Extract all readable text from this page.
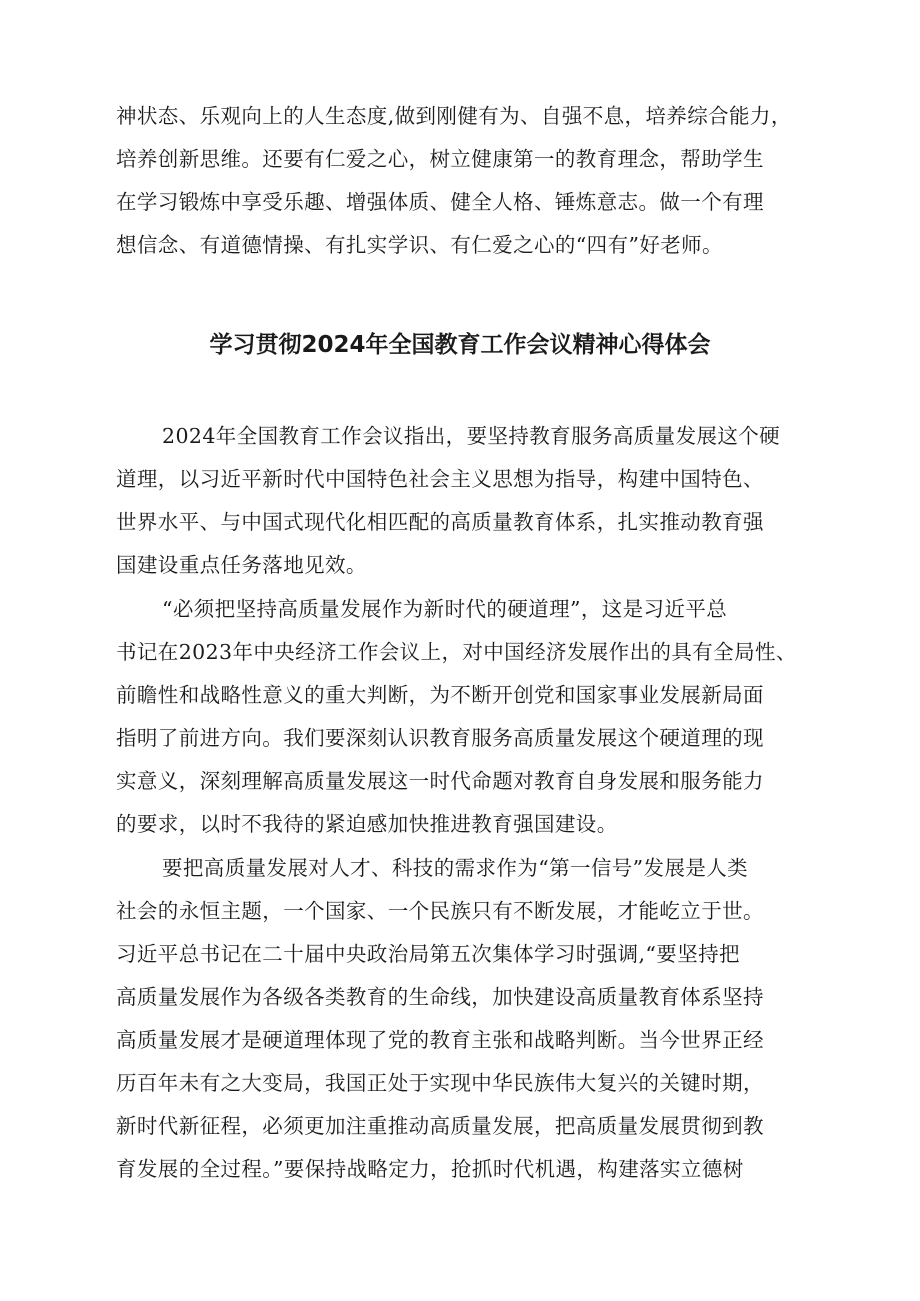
神状态、乐观向上的人生态度,做到刚健有为、自强不息，培养综合能力，
培养创新思维。还要有仁爱之心，树立健康第一的教育理念，帮助学生
在学习锻炼中享受乐趣、增强体质、健全人格、锤炼意志。做一个有理
想信念、有道德情操、有扎实学识、有仁爱之心的“四有”好老师。
学习贯彻2024年全国教育工作会议精神心得体会
2024年全国教育工作会议指出，要坚持教育服务高质量发展这个硬
道理，以习近平新时代中国特色社会主义思想为指导，构建中国特色、
世界水平、与中国式现代化相匹配的高质量教育体系，扎实推动教育强
国建设重点任务落地见效。
“必须把坚持高质量发展作为新时代的硬道理”，这是习近平总
书记在2023年中央经济工作会议上，对中国经济发展作出的具有全局性、
前瞻性和战略性意义的重大判断，为不断开创党和国家事业发展新局面
指明了前进方向。我们要深刻认识教育服务高质量发展这个硬道理的现
实意义，深刻理解高质量发展这一时代命题对教育自身发展和服务能力
的要求，以时不我待的紧迫感加快推进教育强国建设。
要把高质量发展对人才、科技的需求作为“第一信号”发展是人类
社会的永恒主题，一个国家、一个民族只有不断发展，才能屹立于世。
习近平总书记在二十届中央政治局第五次集体学习时强调,“要坚持把
高质量发展作为各级各类教育的生命线，加快建设高质量教育体系坚持
高质量发展才是硬道理体现了党的教育主张和战略判断。当今世界正经
历百年未有之大变局，我国正处于实现中华民族伟大复兴的关键时期，
新时代新征程，必须更加注重推动高质量发展，把高质量发展贯彻到教
育发展的全过程。”要保持战略定力，抢抓时代机遇，构建落实立德树
